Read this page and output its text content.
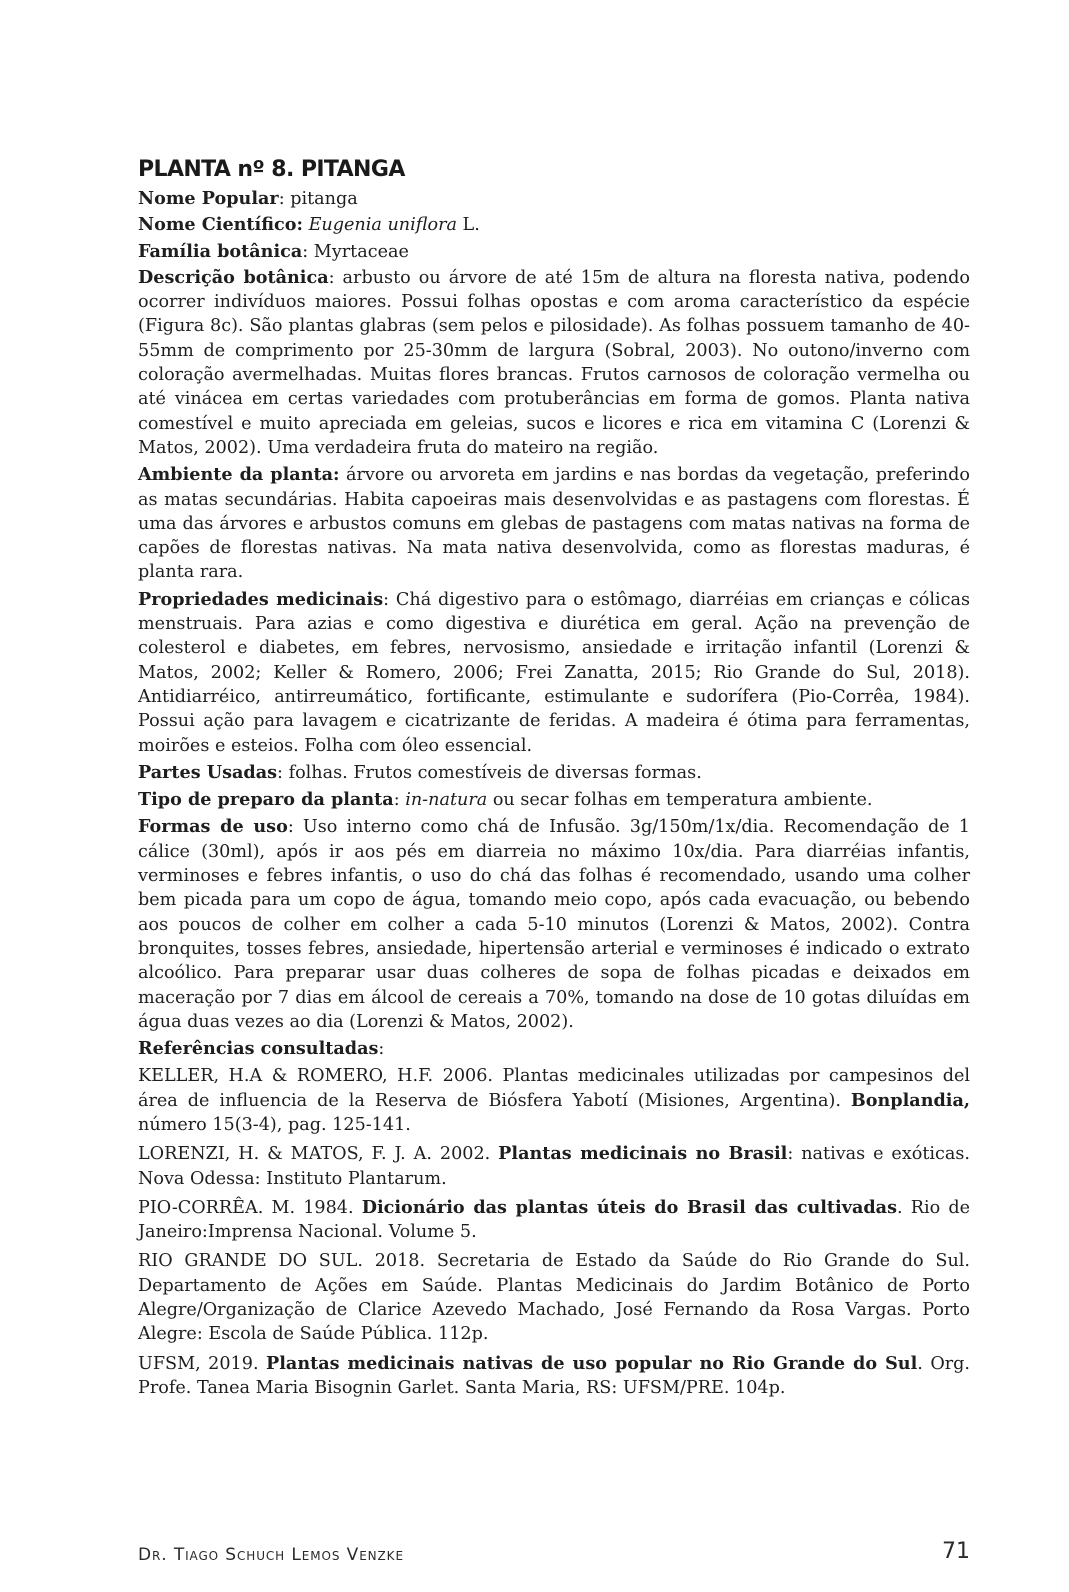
PLANTA nº 8. PITANGA

Nome Popular: pitanga

Nome Científico: Eugenia uniflora L.

Família botânica: Myrtaceae

Descrição botânica: arbusto ou árvore de até 15m de altura na floresta nativa, podendo ocorrer indivíduos maiores. Possui folhas opostas e com aroma característico da espécie (Figura 8c). São plantas glabras (sem pelos e pilosidade). As folhas possuem tamanho de 40-55mm de comprimento por 25-30mm de largura (Sobral, 2003). No outono/inverno com coloração avermelhadas. Muitas flores brancas. Frutos carnosos de coloração vermelha ou até vinácea em certas variedades com protuberâncias em forma de gomos. Planta nativa comestível e muito apreciada em geleias, sucos e licores e rica em vitamina C (Lorenzi & Matos, 2002). Uma verdadeira fruta do mateiro na região.

Ambiente da planta: árvore ou arvoreta em jardins e nas bordas da vegetação, preferindo as matas secundárias. Habita capoeiras mais desenvolvidas e as pastagens com florestas. É uma das árvores e arbustos comuns em glebas de pastagens com matas nativas na forma de capões de florestas nativas. Na mata nativa desenvolvida, como as florestas maduras, é planta rara.

Propriedades medicinais: Chá digestivo para o estômago, diarréias em crianças e cólicas menstruais. Para azias e como digestiva e diurética em geral. Ação na prevenção de colesterol e diabetes, em febres, nervosismo, ansiedade e irritação infantil (Lorenzi & Matos, 2002; Keller & Romero, 2006; Frei Zanatta, 2015; Rio Grande do Sul, 2018). Antidiarréico, antirreumático, fortificante, estimulante e sudorífera (Pio-Corrêa, 1984). Possui ação para lavagem e cicatrizante de feridas. A madeira é ótima para ferramentas, moirões e esteios. Folha com óleo essencial.

Partes Usadas: folhas. Frutos comestíveis de diversas formas.

Tipo de preparo da planta: in-natura ou secar folhas em temperatura ambiente.

Formas de uso: Uso interno como chá de Infusão. 3g/150m/1x/dia. Recomendação de 1 cálice (30ml), após ir aos pés em diarreia no máximo 10x/dia. Para diarréias infantis, verminoses e febres infantis, o uso do chá das folhas é recomendado, usando uma colher bem picada para um copo de água, tomando meio copo, após cada evacuação, ou bebendo aos poucos de colher em colher a cada 5-10 minutos (Lorenzi & Matos, 2002). Contra bronquites, tosses febres, ansiedade, hipertensão arterial e verminoses é indicado o extrato alcoólico. Para preparar usar duas colheres de sopa de folhas picadas e deixados em maceração por 7 dias em álcool de cereais a 70%, tomando na dose de 10 gotas diluídas em água duas vezes ao dia (Lorenzi & Matos, 2002).

Referências consultadas:

KELLER, H.A & ROMERO, H.F. 2006. Plantas medicinales utilizadas por campesinos del área de influencia de la Reserva de Biósfera Yabotí (Misiones, Argentina). Bonplandia, número 15(3-4), pag. 125-141.

LORENZI, H. & MATOS, F. J. A. 2002. Plantas medicinais no Brasil: nativas e exóticas. Nova Odessa: Instituto Plantarum.

PIO-CORRÊA. M. 1984. Dicionário das plantas úteis do Brasil das cultivadas. Rio de Janeiro:Imprensa Nacional. Volume 5.

RIO GRANDE DO SUL. 2018. Secretaria de Estado da Saúde do Rio Grande do Sul. Departamento de Ações em Saúde. Plantas Medicinais do Jardim Botânico de Porto Alegre/Organização de Clarice Azevedo Machado, José Fernando da Rosa Vargas. Porto Alegre: Escola de Saúde Pública. 112p.

UFSM, 2019. Plantas medicinais nativas de uso popular no Rio Grande do Sul. Org. Profe. Tanea Maria Bisognin Garlet. Santa Maria, RS: UFSM/PRE. 104p.

Dr. Tiago Schuch Lemos Venzke	71
